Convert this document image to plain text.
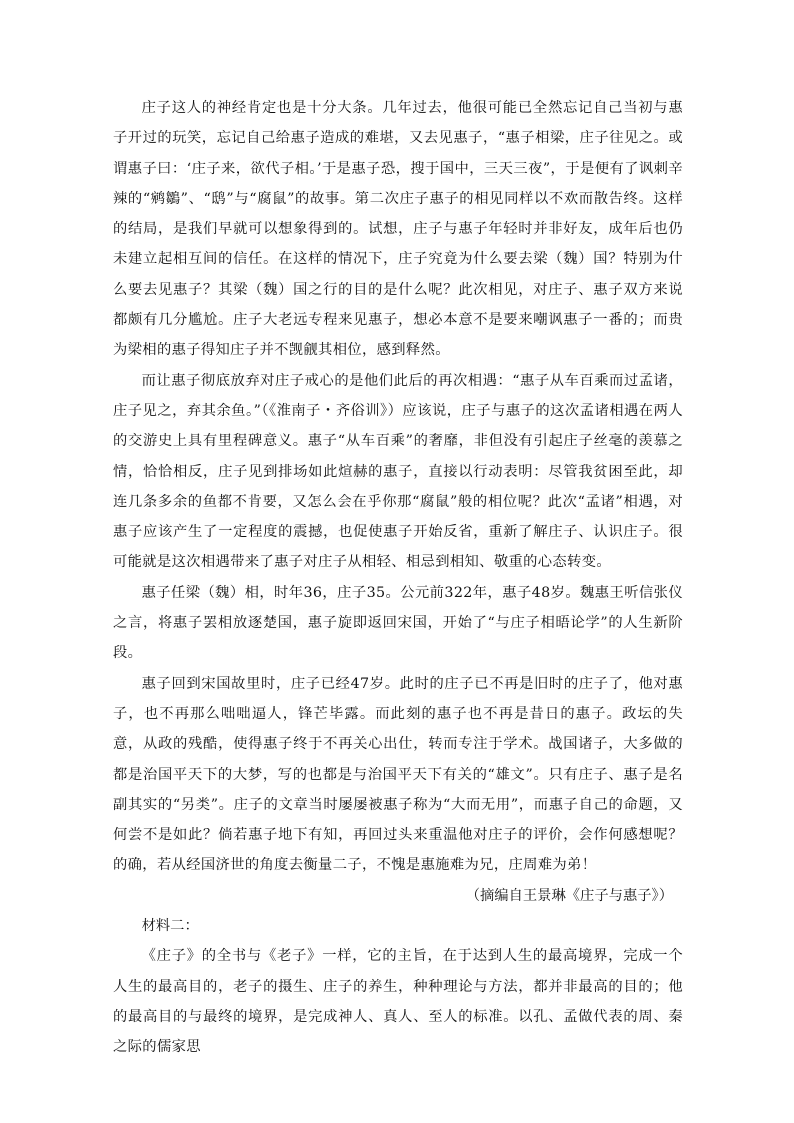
庄子这人的神经肯定也是十分大条。几年过去，他很可能已全然忘记自己当初与惠子开过的玩笑，忘记自己给惠子造成的难堪，又去见惠子，“惠子相梁，庄子往见之。或谓惠子曰：‘庄子来，欲代子相。’于是惠子恐，搜于国中，三天三夜”，于是便有了讽刺辛辣的“鹓鶵”、“鸱”与“腐鼠”的故事。第二次庄子惠子的相见同样以不欢而散告终。这样的结局，是我们早就可以想象得到的。试想，庄子与惠子年轻时并非好友，成年后也仍未建立起相互间的信任。在这样的情况下，庄子究竟为什么要去梁（魏）国？特别为什么要去见惠子？其梁（魏）国之行的目的是什么呢？此次相见，对庄子、惠子双方来说都颇有几分尴尬。庄子大老远专程来见惠子，想必本意不是要来嘲讽惠子一番的；而贵为梁相的惠子得知庄子并不觊觎其相位，感到释然。

而让惠子彻底放弃对庄子戒心的是他们此后的再次相遇：“惠子从车百乘而过孟诸，庄子见之，弃其余鱼。”（《淮南子・齐俗训》）应该说，庄子与惠子的这次孟诸相遇在两人的交游史上具有里程碑意义。惠子“从车百乘”的奢靡，非但没有引起庄子丝毫的羡慕之情，恰恰相反，庄子见到排场如此煊赫的惠子，直接以行动表明：尽管我贫困至此，却连几条多余的鱼都不肯要，又怎么会在乎你那“腐鼠”般的相位呢？此次“孟诸”相遇，对惠子应该产生了一定程度的震撼，也促使惠子开始反省，重新了解庄子、认识庄子。很可能就是这次相遇带来了惠子对庄子从相轻、相忌到相知、敬重的心态转变。

惠子任梁（魏）相，时年36，庄子35。公元前322年，惠子48岁。魏惠王听信张仪之言，将惠子罢相放逐楚国，惠子旋即返回宋国，开始了“与庄子相晤论学”的人生新阶段。

惠子回到宋国故里时，庄子已经47岁。此时的庄子已不再是旧时的庄子了，他对惠子，也不再那么咄咄逼人，锋芒毕露。而此刻的惠子也不再是昔日的惠子。政坛的失意，从政的残酷，使得惠子终于不再关心出仕，转而专注于学术。战国诸子，大多做的都是治国平天下的大梦，写的也都是与治国平天下有关的“雄文”。只有庄子、惠子是名副其实的“另类”。庄子的文章当时屡屡被惠子称为“大而无用”，而惠子自己的命题，又何尝不是如此？倘若惠子地下有知，再回过头来重温他对庄子的评价，会作何感想呢？的确，若从经国济世的角度去衡量二子，不愧是惠施难为兄，庄周难为弟！

（摘编自王景琳《庄子与惠子》）

材料二：

《庄子》的全书与《老子》一样，它的主旨，在于达到人生的最高境界，完成一个人生的最高目的，老子的摄生、庄子的养生，种种理论与方法，都并非最高的目的；他的最高目的与最终的境界，是完成神人、真人、至人的标准。以孔、孟做代表的周、秦之际的儒家思
